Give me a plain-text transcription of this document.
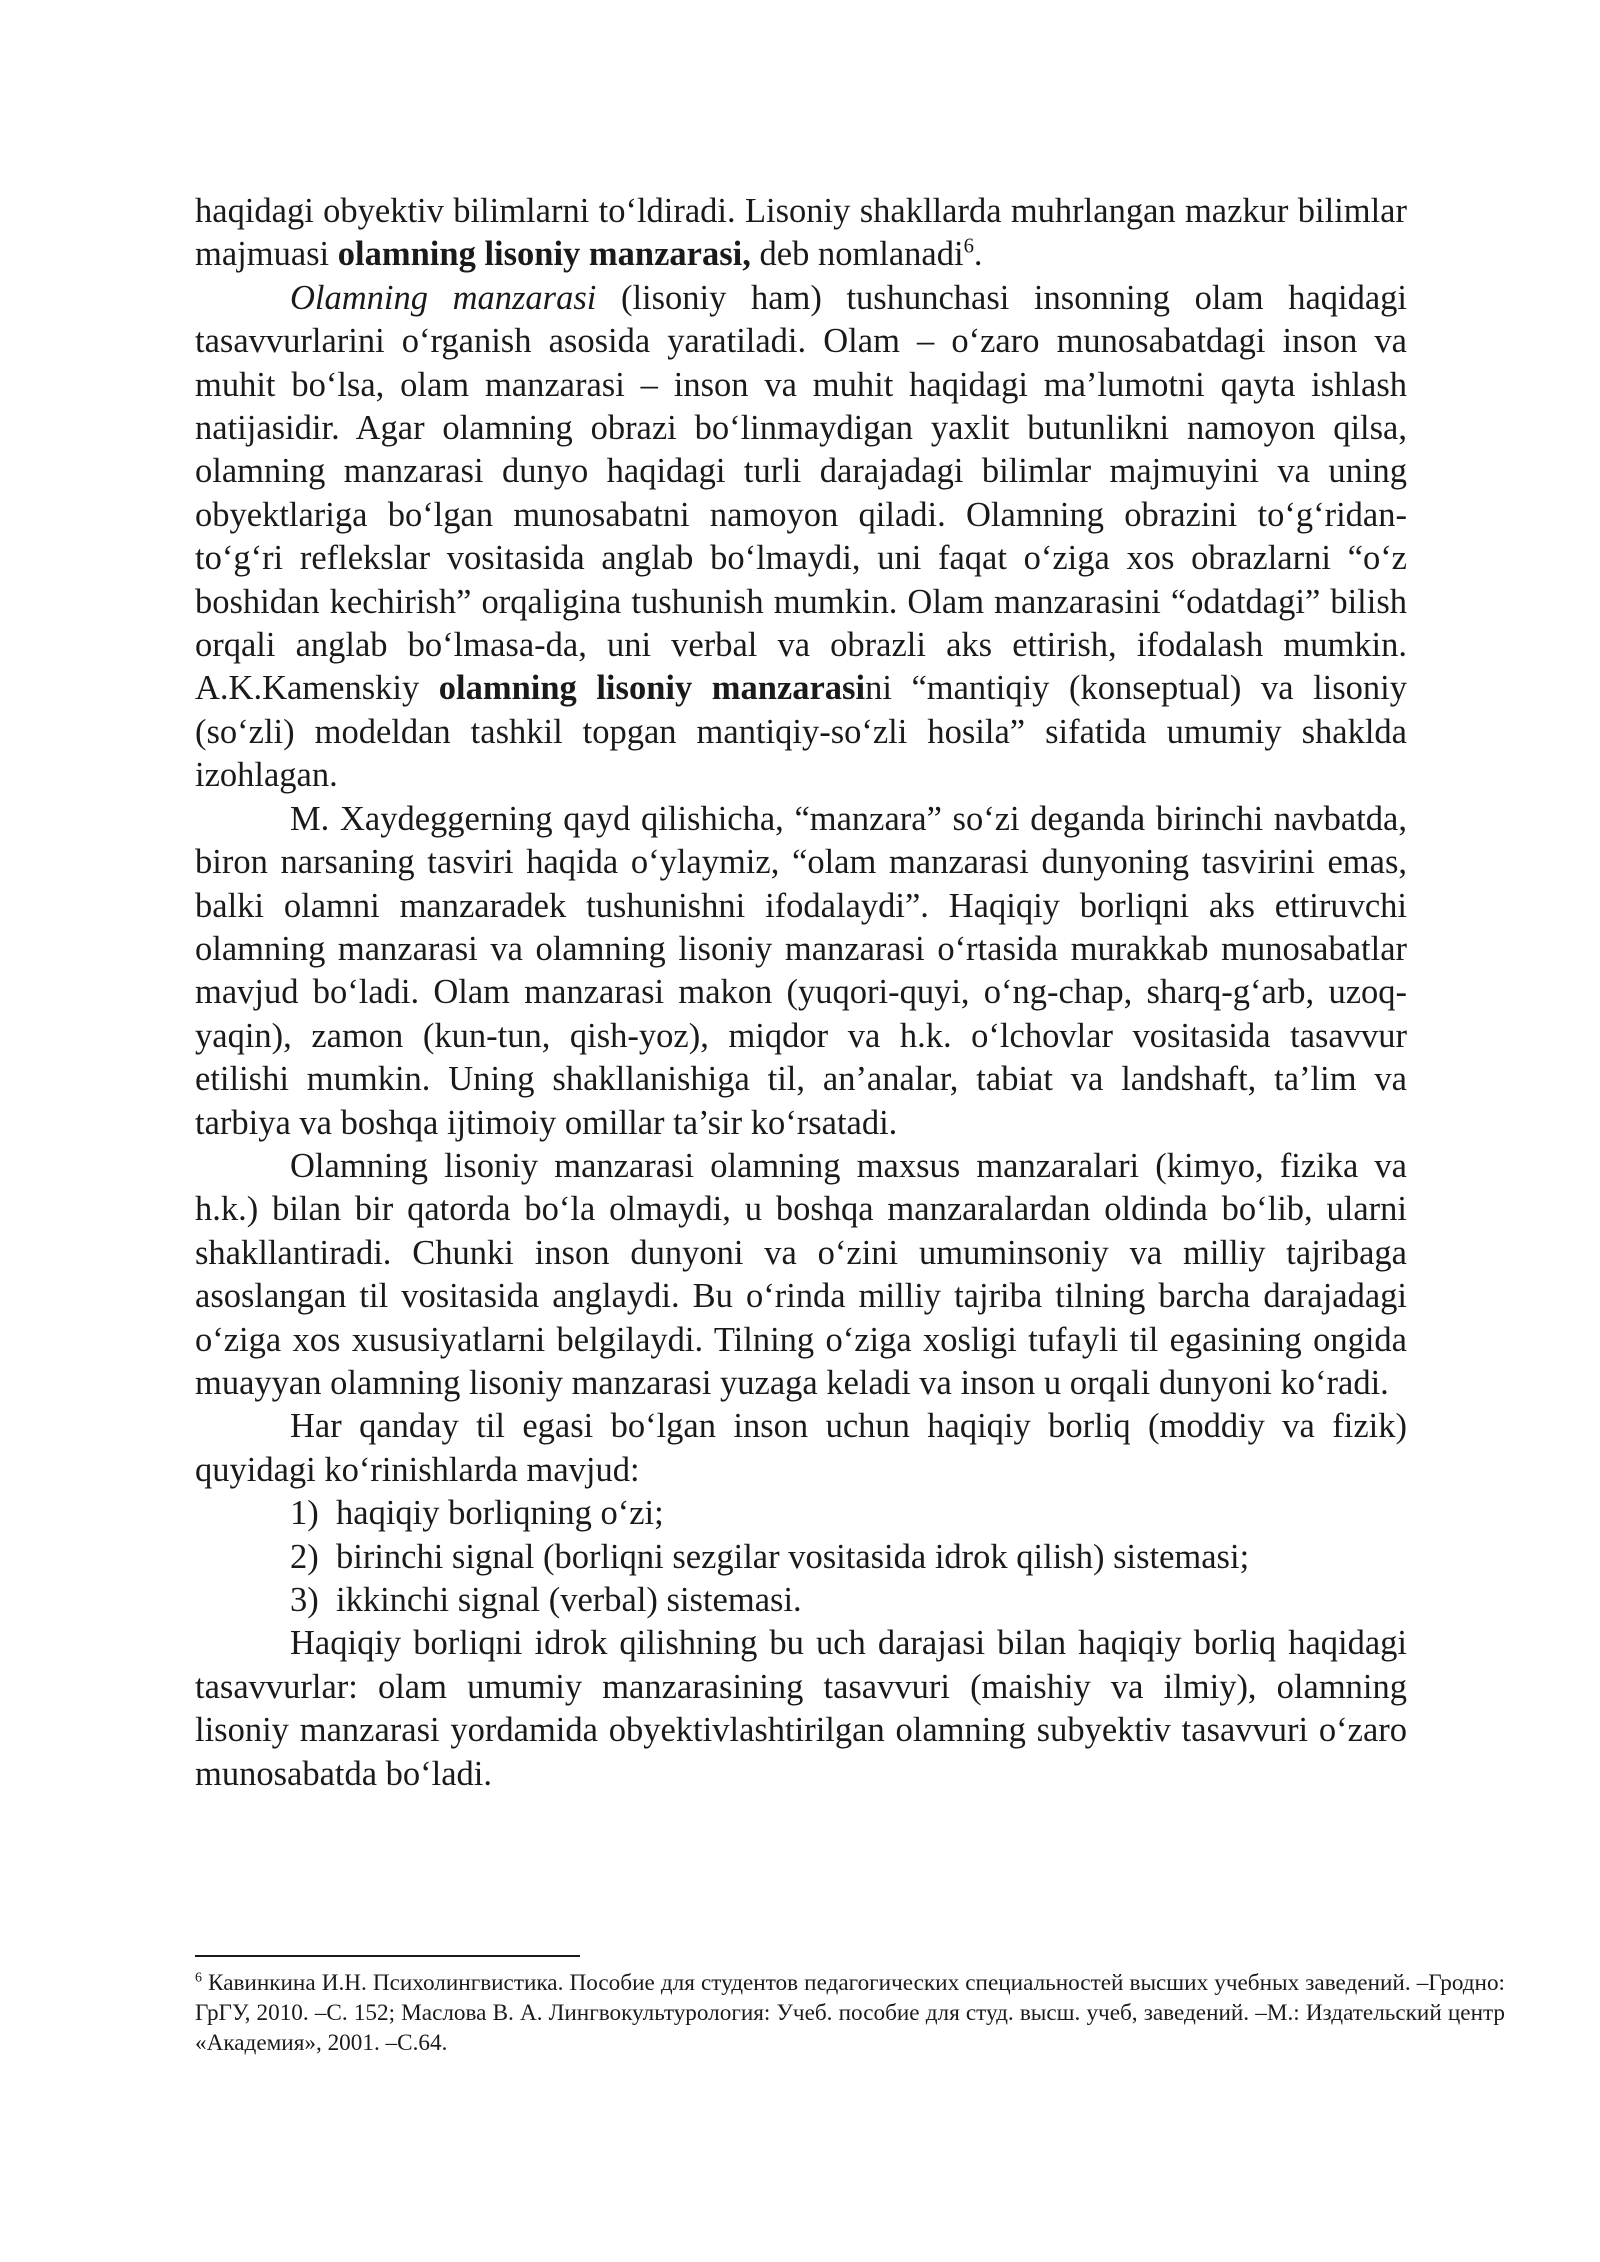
haqidagi obyektiv bilimlarni to‘ldiradi. Lisoniy shakllarda muhrlangan mazkur bilimlar majmuasi olamning lisoniy manzarasi, deb nomlanadi$^6$.

Olamning manzarasi (lisoniy ham) tushunchasi insonning olam haqidagi tasavvurlarini o‘rganish asosida yaratiladi. Olam – o‘zaro munosabatdagi inson va muhit bo‘lsa, olam manzarasi – inson va muhit haqidagi ma’lumotni qayta ishlash natijasidir. Agar olamning obrazi bo‘linmaydigan yaxlit butunlikni namoyon qilsa, olamning manzarasi dunyo haqidagi turli darajadagi bilimlar majmuyini va uning obyektlariga bo‘lgan munosabatni namoyon qiladi. Olamning obrazini to‘g‘ridan-to‘g‘ri reflekslar vositasida anglab bo‘lmaydi, uni faqat o‘ziga xos obrazlarni “o‘z boshidan kechirish” orqaligina tushunish mumkin. Olam manzarasini “odatdagi” bilish orqali anglab bo‘lmasa-da, uni verbal va obrazli aks ettirish, ifodalash mumkin. A.K.Kamenskiy olamning lisoniy manzarasini “mantiqiy (konseptual) va lisoniy (so‘zli) modeldan tashkil topgan mantiqiy-so‘zli hosila” sifatida umumiy shaklda izohlagan.

M. Xaydeggerning qayd qilishicha, “manzara” so‘zi deganda birinchi navbatda, biron narsaning tasviri haqida o‘ylaymiz, “olam manzarasi dunyoning tasvirini emas, balki olamni manzaradek tushunishni ifodalaydi”. Haqiqiy borliqni aks ettiruvchi olamning manzarasi va olamning lisoniy manzarasi o‘rtasida murakkab munosabatlar mavjud bo‘ladi. Olam manzarasi makon (yuqori-quyi, o‘ng-chap, sharq-g‘arb, uzoq-yaqin), zamon (kun-tun, qish-yoz), miqdor va h.k. o‘lchovlar vositasida tasavvur etilishi mumkin. Uning shakllanishiga til, an’analar, tabiat va landshaft, ta’lim va tarbiya va boshqa ijtimoiy omillar ta’sir ko‘rsatadi.

Olamning lisoniy manzarasi olamning maxsus manzaralari (kimyo, fizika va h.k.) bilan bir qatorda bo‘la olmaydi, u boshqa manzaralardan oldinda bo‘lib, ularni shakllantiradi. Chunki inson dunyoni va o‘zini umuminsoniy va milliy tajribaga asoslangan til vositasida anglaydi. Bu o‘rinda milliy tajriba tilning barcha darajadagi o‘ziga xos xususiyatlarni belgilaydi. Tilning o‘ziga xosligi tufayli til egasining ongida muayyan olamning lisoniy manzarasi yuzaga keladi va inson u orqali dunyoni ko‘radi.

Har qanday til egasi bo‘lgan inson uchun haqiqiy borliq (moddiy va fizik) quyidagi ko‘rinishlarda mavjud:

1) haqiqiy borliqning o‘zi;
2) birinchi signal (borliqni sezgilar vositasida idrok qilish) sistemasi;
3) ikkinchi signal (verbal) sistemasi.

Haqiqiy borliqni idrok qilishning bu uch darajasi bilan haqiqiy borliq haqidagi tasavvurlar: olam umumiy manzarasining tasavvuri (maishiy va ilmiy), olamning lisoniy manzarasi yordamida obyektivlashtirilgan olamning subyektiv tasavvuri o‘zaro munosabatda bo‘ladi.

$^6$ Кавинкина И.Н. Психолингвистика. Пособие для студентов педагогических специальностей высших учебных заведений. –Гродно: ГрГУ, 2010. –С. 152; Маслова В. А. Лингвокультурология: Учеб. пособие для студ. высш. учеб, заведений. –М.: Издательский центр «Академия», 2001. –С.64.
